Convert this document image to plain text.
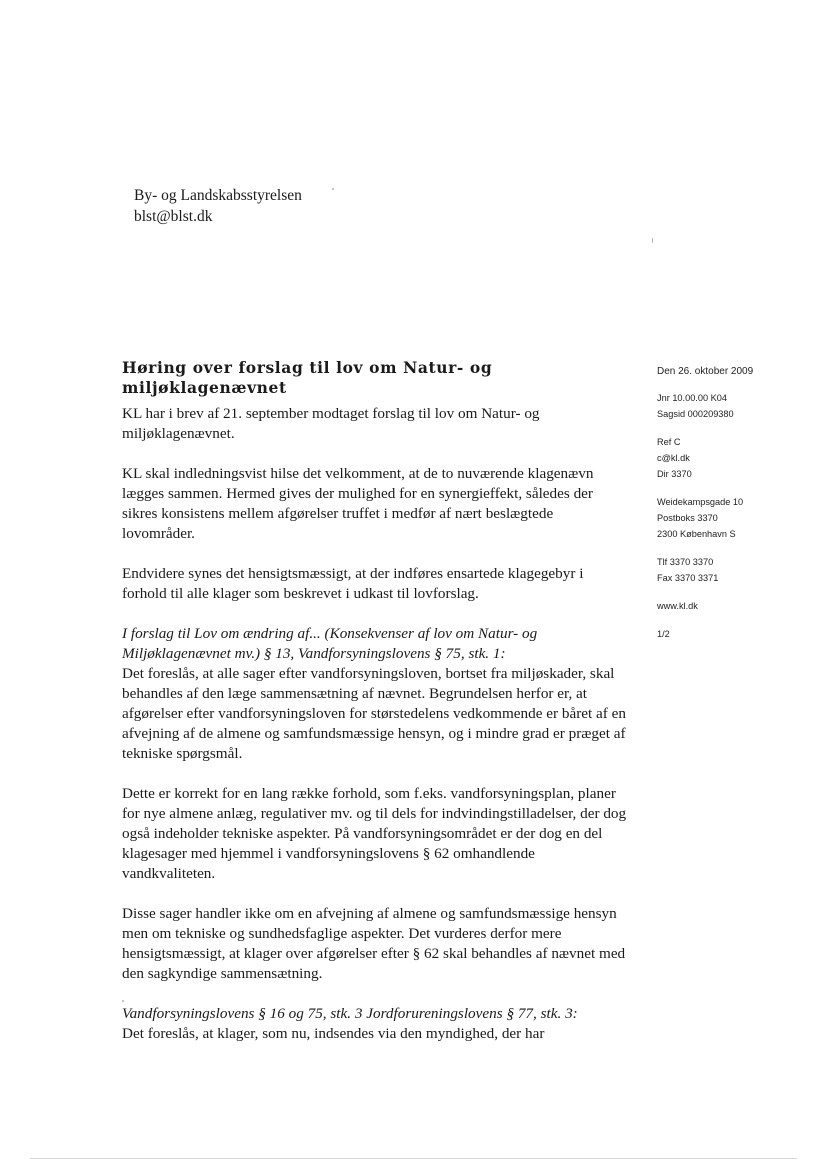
By- og Landskabsstyrelsen
blst@blst.dk
Høring over forslag til lov om Natur- og miljøklagenævnet

KL har i brev af 21. september modtaget forslag til lov om Natur- og miljøklagenævnet.

KL skal indledningsvist hilse det velkomment, at de to nuværende klagenævn lægges sammen. Hermed gives der mulighed for en synergieffekt, således der sikres konsistens mellem afgørelser truffet i medfør af nært beslægtede lovområder.

Endvidere synes det hensigtsmæssigt, at der indføres ensartede klagegebyr i forhold til alle klager som beskrevet i udkast til lovforslag.

I forslag til Lov om ændring af... (Konsekvenser af lov om Natur- og Miljøklagenævnet mv.) § 13, Vandforsyningslovens § 75, stk. 1:

Det foreslås, at alle sager efter vandforsyningsloven, bortset fra miljøskader, skal behandles af den læge sammensætning af nævnet. Begrundelsen herfor er, at afgørelser efter vandforsyningsloven for størstedelens vedkommende er båret af en afvejning af de almene og samfundsmæssige hensyn, og i mindre grad er præget af tekniske spørgsmål.

Dette er korrekt for en lang række forhold, som f.eks. vandforsyningsplan, planer for nye almene anlæg, regulativer mv. og til dels for indvindingstilladelser, der dog også indeholder tekniske aspekter. På vandforsyningsområdet er der dog en del klagesager med hjemmel i vandforsyningslovens § 62 omhandlende vandkvaliteten.

Disse sager handler ikke om en afvejning af almene og samfundsmæssige hensyn men om tekniske og sundhedsfaglige aspekter. Det vurderes derfor mere hensigtsmæssigt, at klager over afgørelser efter § 62 skal behandles af nævnet med den sagkyndige sammensætning.

Vandforsyningslovens § 16 og 75, stk. 3 Jordforureningslovens § 77, stk. 3:

Det foreslås, at klager, som nu, indsendes via den myndighed, der har

Den 26. oktober 2009
Jnr 10.00.00 K04
Sagsid 000209380
Ref C
c@kl.dk
Dir 3370
Weidekampsgade 10
Postboks 3370
2300 København S
Tlf 3370 3370
Fax 3370 3371
www.kl.dk
1/2
